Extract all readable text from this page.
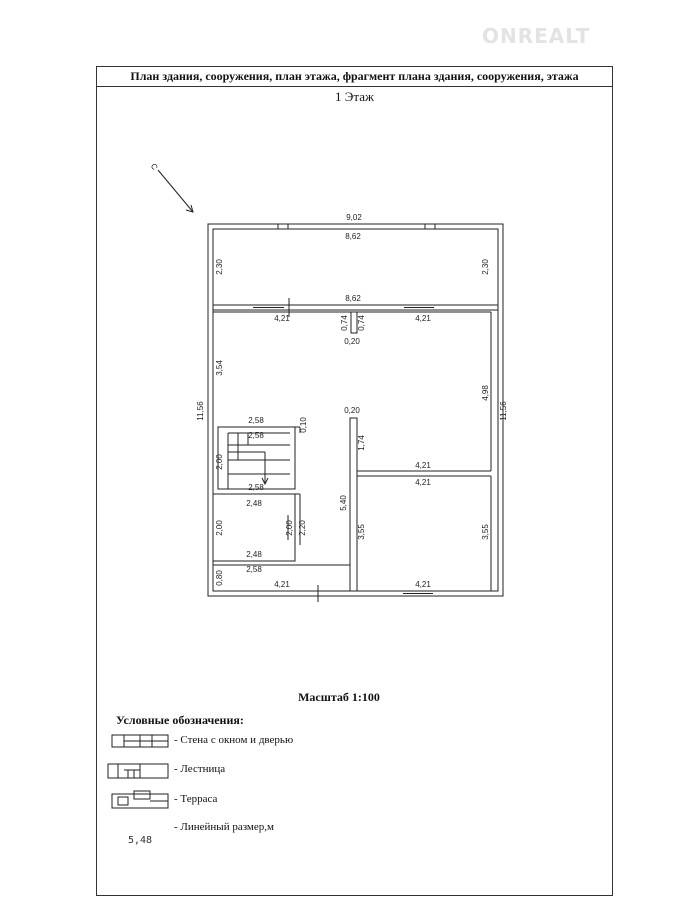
ONREALT
План здания, сооружения, план этажа, фрагмент плана здания, сооружения, этажа
1 Этаж
9,02
8,62
2,30	2,30
8,62
11,56	11,56
4,21	4,21
0,74 0,74
0,20
3,54
4,98
0,20
2,58
2,58
0,10
1,74
2,00
2,58
4,21
4,21
2,48
2,00	2,00 2,20
5,40
2,48
3,55	3,55
0,80
2,58
4,21	4,21
C
Масштаб 1:100
Условные обозначения:
- Стена с окном и дверью
- Лестница
- Терраса
- Линейный размер,м
5,48
